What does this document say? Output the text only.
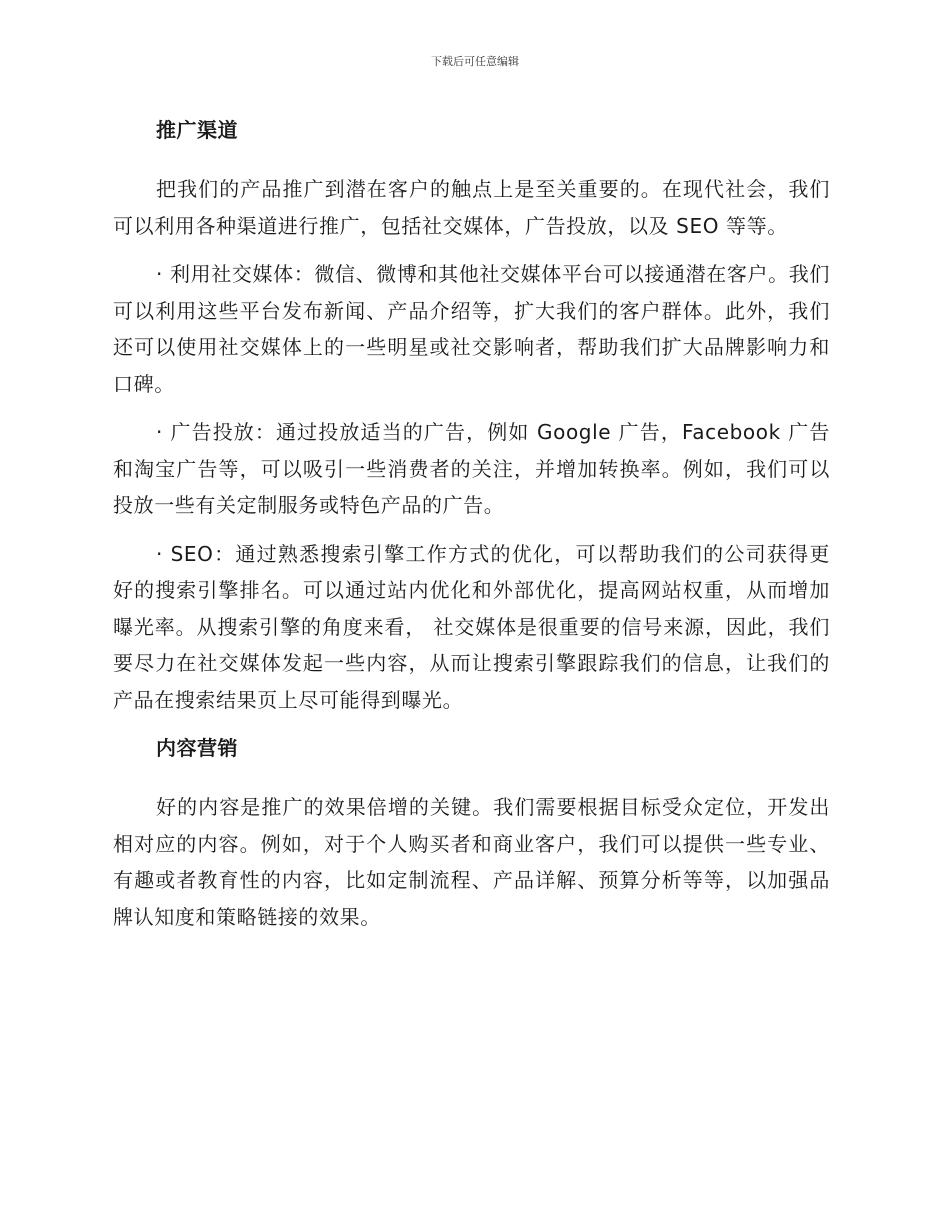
下载后可任意编辑
推广渠道

把我们的产品推广到潜在客户的触点上是至关重要的。在现代社会，我们可以利用各种渠道进行推广，包括社交媒体，广告投放，以及 SEO 等等。

· 利用社交媒体：微信、微博和其他社交媒体平台可以接通潜在客户。我们可以利用这些平台发布新闻、产品介绍等，扩大我们的客户群体。此外，我们还可以使用社交媒体上的一些明星或社交影响者，帮助我们扩大品牌影响力和口碑。

· 广告投放：通过投放适当的广告，例如 Google 广告，Facebook 广告和淘宝广告等，可以吸引一些消费者的关注，并增加转换率。例如，我们可以投放一些有关定制服务或特色产品的广告。

· SEO：通过熟悉搜索引擎工作方式的优化，可以帮助我们的公司获得更好的搜索引擎排名。可以通过站内优化和外部优化，提高网站权重，从而增加曝光率。从搜索引擎的角度来看， 社交媒体是很重要的信号来源，因此，我们要尽力在社交媒体发起一些内容，从而让搜索引擎跟踪我们的信息，让我们的产品在搜索结果页上尽可能得到曝光。

内容营销

好的内容是推广的效果倍增的关键。我们需要根据目标受众定位，开发出相对应的内容。例如，对于个人购买者和商业客户，我们可以提供一些专业、有趣或者教育性的内容，比如定制流程、产品详解、预算分析等等，以加强品牌认知度和策略链接的效果。
